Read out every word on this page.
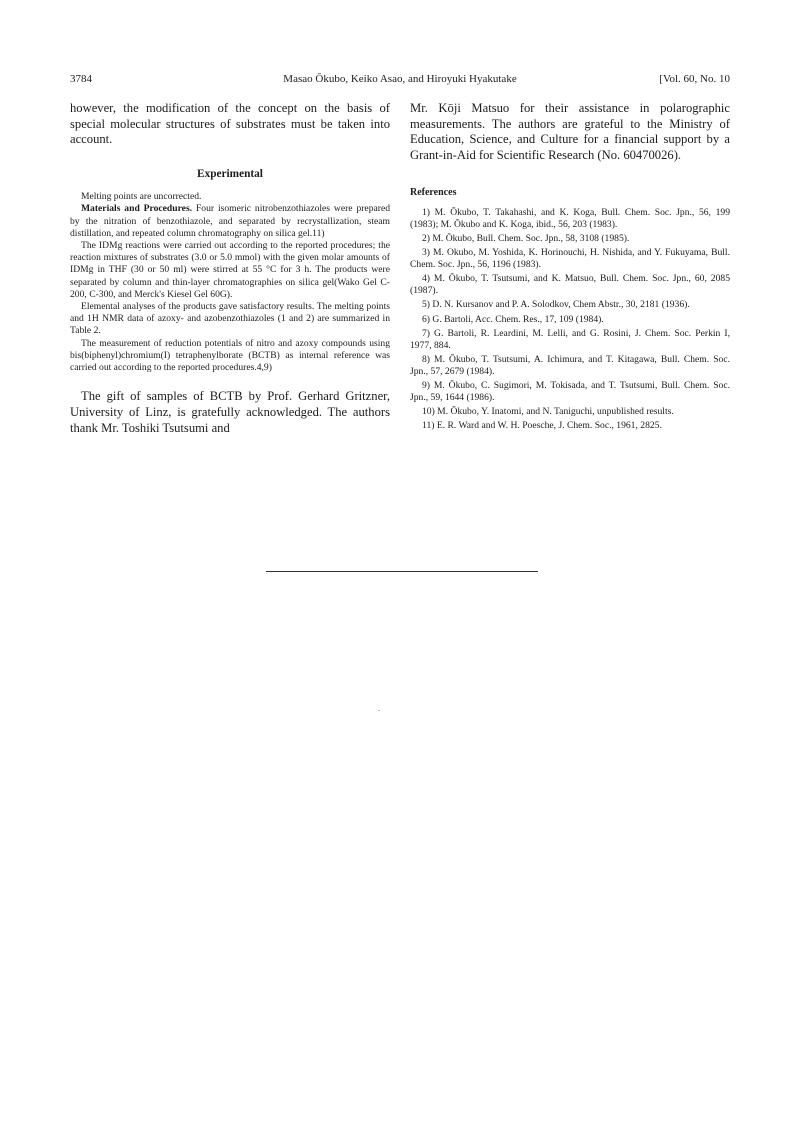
3784	Masao Ōkubo, Keiko Asao, and Hiroyuki Hyakutake	[Vol. 60, No. 10

however, the modification of the concept on the basis of special molecular structures of substrates must be taken into account.

Experimental

Melting points are uncorrected.

Materials and Procedures. Four isomeric nitrobenzothiazoles were prepared by the nitration of benzothiazole, and separated by recrystallization, steam distillation, and repeated column chromatography on silica gel.11)

The IDMg reactions were carried out according to the reported procedures; the reaction mixtures of substrates (3.0 or 5.0 mmol) with the given molar amounts of IDMg in THF (30 or 50 ml) were stirred at 55 °C for 3 h. The products were separated by column and thin-layer chromatographies on silica gel(Wako Gel C-200, C-300, and Merck's Kiesel Gel 60G).

Elemental analyses of the products gave satisfactory results. The melting points and 1H NMR data of azoxy- and azobenzothiazoles (1 and 2) are summarized in Table 2.

The measurement of reduction potentials of nitro and azoxy compounds using bis(biphenyl)chromium(I) tetraphenylborate (BCTB) as internal reference was carried out according to the reported procedures.4,9)

The gift of samples of BCTB by Prof. Gerhard Gritzner, University of Linz, is gratefully acknowledged. The authors thank Mr. Toshiki Tsutsumi and

Mr. Kōji Matsuo for their assistance in polarographic measurements. The authors are grateful to the Ministry of Education, Science, and Culture for a financial support by a Grant-in-Aid for Scientific Research (No. 60470026).

References

1) M. Ōkubo, T. Takahashi, and K. Koga, Bull. Chem. Soc. Jpn., 56, 199 (1983); M. Ōkubo and K. Koga, ibid., 56, 203 (1983).

2) M. Ōkubo, Bull. Chem. Soc. Jpn., 58, 3108 (1985).

3) M. Okubo, M. Yoshida, K. Horinouchi, H. Nishida, and Y. Fukuyama, Bull. Chem. Soc. Jpn., 56, 1196 (1983).

4) M. Ōkubo, T. Tsutsumi, and K. Matsuo, Bull. Chem. Soc. Jpn., 60, 2085 (1987).

5) D. N. Kursanov and P. A. Solodkov, Chem Abstr., 30, 2181 (1936).

6) G. Bartoli, Acc. Chem. Res., 17, 109 (1984).

7) G. Bartoli, R. Leardini, M. Lelli, and G. Rosini, J. Chem. Soc. Perkin I, 1977, 884.

8) M. Ōkubo, T. Tsutsumi, A. Ichimura, and T. Kitagawa, Bull. Chem. Soc. Jpn., 57, 2679 (1984).

9) M. Ōkubo, C. Sugimori, M. Tokisada, and T. Tsutsumi, Bull. Chem. Soc. Jpn., 59, 1644 (1986).

10) M. Ōkubo, Y. Inatomi, and N. Taniguchi, unpublished results.

11) E. R. Ward and W. H. Poesche, J. Chem. Soc., 1961, 2825.
